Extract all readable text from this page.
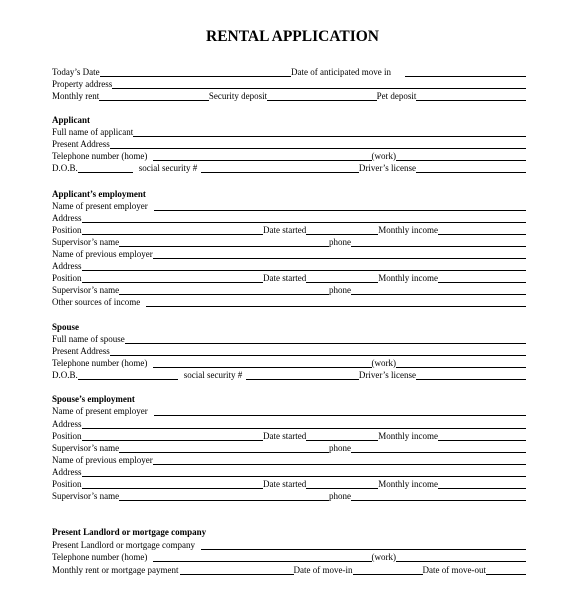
RENTAL APPLICATION
Today’s Date	Date of anticipated move in
Property address
Monthly rent	Security deposit	Pet deposit
Applicant
Full name of applicant
Present Address
Telephone number (home)	(work)
D.O.B.	social security #	Driver’s license
Applicant’s employment
Name of present employer
Address
Position	Date started	Monthly income
Supervisor’s name	phone
Name of previous employer
Address
Position	Date started	Monthly income
Supervisor’s name	phone
Other sources of income
Spouse
Full name of spouse
Present Address
Telephone number (home)	(work)
D.O.B.	social security #	Driver’s license
Spouse’s employment
Name of present employer
Address
Position	Date started	Monthly income
Supervisor’s name	phone
Name of previous employer
Address
Position	Date started	Monthly income
Supervisor’s name	phone
Present Landlord or mortgage company
Present Landlord or mortgage company
Telephone number (home)	(work)
Monthly rent or mortgage payment	Date of move-in	Date of move-out
